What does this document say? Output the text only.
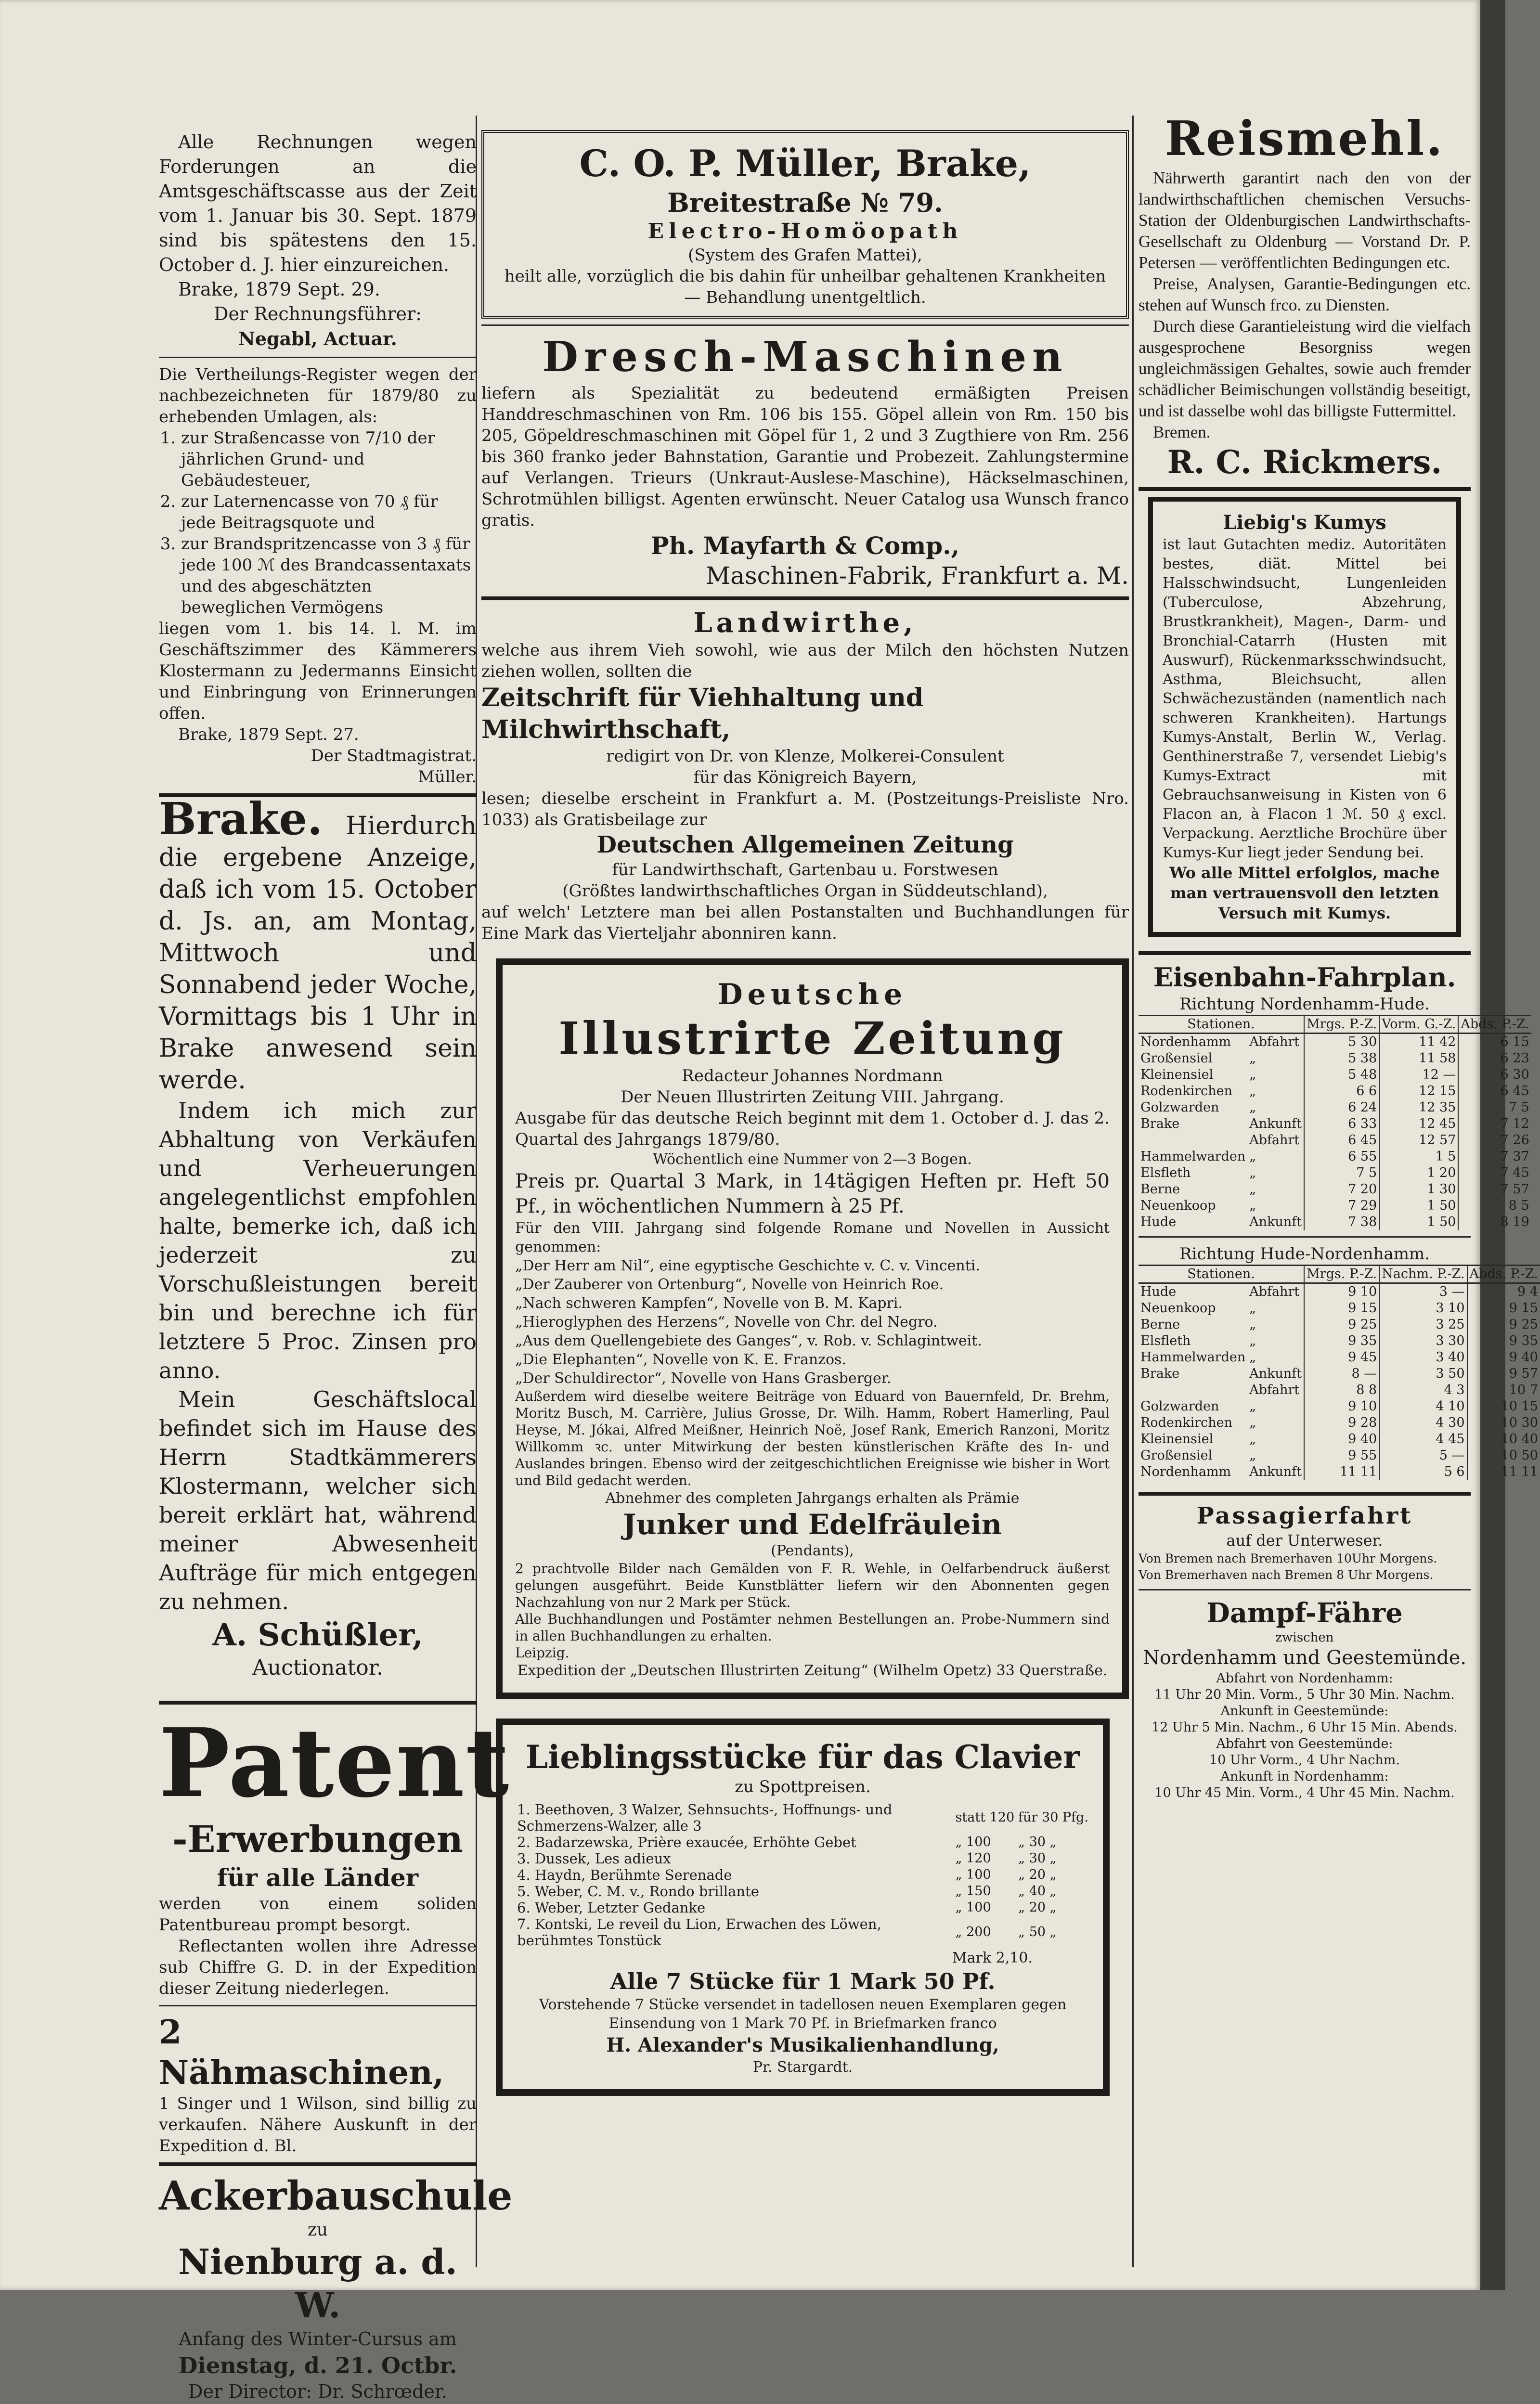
Alle Rechnungen wegen Forderungen an die Amtsgeschäftscasse aus der Zeit vom 1. Januar bis 30. Sept. 1879 sind bis spätestens den 15. October d. J. hier einzureichen.

Brake, 1879 Sept. 29.

Der Rechnungsführer:

Negabl, Actuar.

Die Vertheilungs-Register wegen der nachbezeichneten für 1879/80 zu erhebenden Umlagen, als:

1. zur Straßencasse von 7/10 der jährlichen Grund- und Gebäudesteuer,
2. zur Laternencasse von 70 ₰ für jede Beitragsquote und
3. zur Brandspritzencasse von 3 ₰ für jede 100 ℳ des Brandcassentaxats und des abgeschätzten beweglichen Vermögens

liegen vom 1. bis 14. l. M. im Geschäftszimmer des Kämmerers Klostermann zu Jedermanns Einsicht und Einbringung von Erinnerungen offen.

Brake, 1879 Sept. 27.

Der Stadtmagistrat.

Müller.

Brake. Hierdurch die ergebene Anzeige, daß ich vom 15. October d. Js. an, am Montag, Mittwoch und Sonnabend jeder Woche, Vormittags bis 1 Uhr in Brake anwesend sein werde.

Indem ich mich zur Abhaltung von Verkäufen und Verheuerungen angelegentlichst empfohlen halte, bemerke ich, daß ich jederzeit zu Vorschußleistungen bereit bin und berechne ich für letztere 5 Proc. Zinsen pro anno.

Mein Geschäftslocal befindet sich im Hause des Herrn Stadtkämmerers Klostermann, welcher sich bereit erklärt hat, während meiner Abwesenheit Aufträge für mich entgegen zu nehmen.

A. Schüßler,

Auctionator.

Patent

-Erwerbungen

für alle Länder

werden von einem soliden Patentbureau prompt besorgt.

Reflectanten wollen ihre Adresse sub Chiffre G. D. in der Expedition dieser Zeitung niederlegen.

2 Nähmaschinen,

1 Singer und 1 Wilson, sind billig zu verkaufen. Nähere Auskunft in der Expedition d. Bl.

Ackerbauschule

zu

Nienburg a. d. W.

Anfang des Winter-Cursus am

Dienstag, d. 21. Octbr.

Der Director: Dr. Schrœder.

C. O. P. Müller, Brake,

Breitestraße № 79.

Electro-Homöopath

(System des Grafen Mattei),

heilt alle, vorzüglich die bis dahin für unheilbar gehaltenen Krankheiten — Behandlung unentgeltlich.

Dresch-Maschinen

liefern als Spezialität zu bedeutend ermäßigten Preisen Handdreschmaschinen von Rm. 106 bis 155. Göpel allein von Rm. 150 bis 205, Göpeldreschmaschinen mit Göpel für 1, 2 und 3 Zugthiere von Rm. 256 bis 360 franko jeder Bahnstation, Garantie und Probezeit. Zahlungstermine auf Verlangen. Trieurs (Unkraut-Auslese-Maschine), Häckselmaschinen, Schrotmühlen billigst. Agenten erwünscht. Neuer Catalog usa Wunsch franco gratis.

Ph. Mayfarth & Comp.,

Maschinen-Fabrik, Frankfurt a. M.

Landwirthe,

welche aus ihrem Vieh sowohl, wie aus der Milch den höchsten Nutzen ziehen wollen, sollten die

Zeitschrift für Viehhaltung und Milchwirthschaft,

redigirt von Dr. von Klenze, Molkerei-Consulent

für das Königreich Bayern,

lesen; dieselbe erscheint in Frankfurt a. M. (Postzeitungs-Preisliste Nro. 1033) als Gratisbeilage zur

Deutschen Allgemeinen Zeitung

für Landwirthschaft, Gartenbau u. Forstwesen

(Größtes landwirthschaftliches Organ in Süddeutschland),

auf welch' Letztere man bei allen Postanstalten und Buchhandlungen für Eine Mark das Vierteljahr abonniren kann.

Deutsche

Illustrirte Zeitung

Redacteur Johannes Nordmann

Der Neuen Illustrirten Zeitung VIII. Jahrgang.

Ausgabe für das deutsche Reich beginnt mit dem 1. October d. J. das 2. Quartal des Jahrgangs 1879/80.

Wöchentlich eine Nummer von 2—3 Bogen.

Preis pr. Quartal 3 Mark, in 14tägigen Heften pr. Heft 50 Pf., in wöchentlichen Nummern à 25 Pf.

Für den VIII. Jahrgang sind folgende Romane und Novellen in Aussicht genommen:

„Der Herr am Nil“, eine egyptische Geschichte v. C. v. Vincenti.

„Der Zauberer von Ortenburg“, Novelle von Heinrich Roe.

„Nach schweren Kampfen“, Novelle von B. M. Kapri.

„Hieroglyphen des Herzens“, Novelle von Chr. del Negro.

„Aus dem Quellengebiete des Ganges“, v. Rob. v. Schlagintweit.

„Die Elephanten“, Novelle von K. E. Franzos.

„Der Schuldirector“, Novelle von Hans Grasberger.

Außerdem wird dieselbe weitere Beiträge von Eduard von Bauernfeld, Dr. Brehm, Moritz Busch, M. Carrière, Julius Grosse, Dr. Wilh. Hamm, Robert Hamerling, Paul Heyse, M. Jókai, Alfred Meißner, Heinrich Noë, Josef Rank, Emerich Ranzoni, Moritz Willkomm ꝛc. unter Mitwirkung der besten künstlerischen Kräfte des In- und Auslandes bringen. Ebenso wird der zeitgeschichtlichen Ereignisse wie bisher in Wort und Bild gedacht werden.

Abnehmer des completen Jahrgangs erhalten als Prämie

Junker und Edelfräulein

(Pendants),

2 prachtvolle Bilder nach Gemälden von F. R. Wehle, in Oelfarbendruck äußerst gelungen ausgeführt. Beide Kunstblätter liefern wir den Abonnenten gegen Nachzahlung von nur 2 Mark per Stück.

Alle Buchhandlungen und Postämter nehmen Bestellungen an. Probe-Nummern sind in allen Buchhandlungen zu erhalten.

Leipzig.

Expedition der „Deutschen Illustrirten Zeitung“ (Wilhelm Opetz) 33 Querstraße.

Lieblingsstücke für das Clavier

zu Spottpreisen.

1. Beethoven, 3 Walzer, Sehnsuchts-, Hoffnungs- und Schmerzens-Walzer, alle 3	statt 120	für 30 Pfg.
2. Badarzewska, Prière exaucée, Erhöhte Gebet	„ 100	„ 30 „
3. Dussek, Les adieux	„ 120	„ 30 „
4. Haydn, Berühmte Serenade	„ 100	„ 20 „
5. Weber, C. M. v., Rondo brillante	„ 150	„ 40 „
6. Weber, Letzter Gedanke	„ 100	„ 20 „
7. Kontski, Le reveil du Lion, Erwachen des Löwen, berühmtes Tonstück	„ 200	„ 50 „

Mark 2,10.

Alle 7 Stücke für 1 Mark 50 Pf.

Vorstehende 7 Stücke versendet in tadellosen neuen Exemplaren gegen Einsendung von 1 Mark 70 Pf. in Briefmarken franco

H. Alexander's Musikalienhandlung,

Pr. Stargardt.

Reismehl.

Nährwerth garantirt nach den von der landwirthschaftlichen chemischen Versuchs-Station der Oldenburgischen Landwirthschafts-Gesellschaft zu Oldenburg — Vorstand Dr. P. Petersen — veröffentlichten Bedingungen etc.

Preise, Analysen, Garantie-Bedingungen etc. stehen auf Wunsch frco. zu Diensten.

Durch diese Garantieleistung wird die vielfach ausgesprochene Besorgniss wegen ungleichmässigen Gehaltes, sowie auch fremder schädlicher Beimischungen vollständig beseitigt, und ist dasselbe wohl das billigste Futtermittel.

Bremen.

R. C. Rickmers.

Liebig's Kumys

ist laut Gutachten mediz. Autoritäten bestes, diät. Mittel bei Halsschwindsucht, Lungenleiden (Tuberculose, Abzehrung, Brustkrankheit), Magen-, Darm- und Bronchial-Catarrh (Husten mit Auswurf), Rückenmarksschwindsucht, Asthma, Bleichsucht, allen Schwächezuständen (namentlich nach schweren Krankheiten). Hartungs Kumys-Anstalt, Berlin W., Verlag. Genthinerstraße 7, versendet Liebig's Kumys-Extract mit Gebrauchsanweisung in Kisten von 6 Flacon an, à Flacon 1 ℳ. 50 ₰ excl. Verpackung. Aerztliche Brochüre über Kumys-Kur liegt jeder Sendung bei.

Wo alle Mittel erfolglos, mache man vertrauensvoll den letzten Versuch mit Kumys.

Eisenbahn-Fahrplan.

Richtung Nordenhamm-Hude.

Stationen.		Mrgs. P.-Z.	Vorm. G.-Z.	Abds. P.-Z.
Nordenhamm	Abfahrt	5 30	11 42	6 15
Großensiel	„	5 38	11 58	6 23
Kleinensiel	„	5 48	12 —	6 30
Rodenkirchen	„	6 6	12 15	6 45
Golzwarden	„	6 24	12 35	7 5
Brake	Ankunft	6 33	12 45	7 12
	Abfahrt	6 45	12 57	7 26
Hammelwarden	„	6 55	1 5	7 37
Elsfleth	„	7 5	1 20	7 45
Berne	„	7 20	1 30	7 57
Neuenkoop	„	7 29	1 50	8 5
Hude	Ankunft	7 38	1 50	8 19

Richtung Hude-Nordenhamm.

Stationen.		Mrgs. P.-Z.	Nachm. P.-Z.	Abds. P.-Z.
Hude	Abfahrt	9 10	3 —	9 4
Neuenkoop	„	9 15	3 10	9 15
Berne	„	9 25	3 25	9 25
Elsfleth	„	9 35	3 30	9 35
Hammelwarden	„	9 45	3 40	9 40
Brake	Ankunft	8 —	3 50	9 57
	Abfahrt	8 8	4 3	10 7
Golzwarden	„	9 10	4 10	10 15
Rodenkirchen	„	9 28	4 30	10 30
Kleinensiel	„	9 40	4 45	10 40
Großensiel	„	9 55	5 —	10 50
Nordenhamm	Ankunft	11 11	5 6	11 11

Passagierfahrt

auf der Unterweser.

Von Bremen nach Bremerhaven 10Uhr Morgens.

Von Bremerhaven nach Bremen 8 Uhr Morgens.

Dampf-Fähre

zwischen

Nordenhamm und Geestemünde.

Abfahrt von Nordenhamm:

11 Uhr 20 Min. Vorm., 5 Uhr 30 Min. Nachm.

Ankunft in Geestemünde:

12 Uhr 5 Min. Nachm., 6 Uhr 15 Min. Abends.

Abfahrt von Geestemünde:

10 Uhr Vorm., 4 Uhr Nachm.

Ankunft in Nordenhamm:

10 Uhr 45 Min. Vorm., 4 Uhr 45 Min. Nachm.
